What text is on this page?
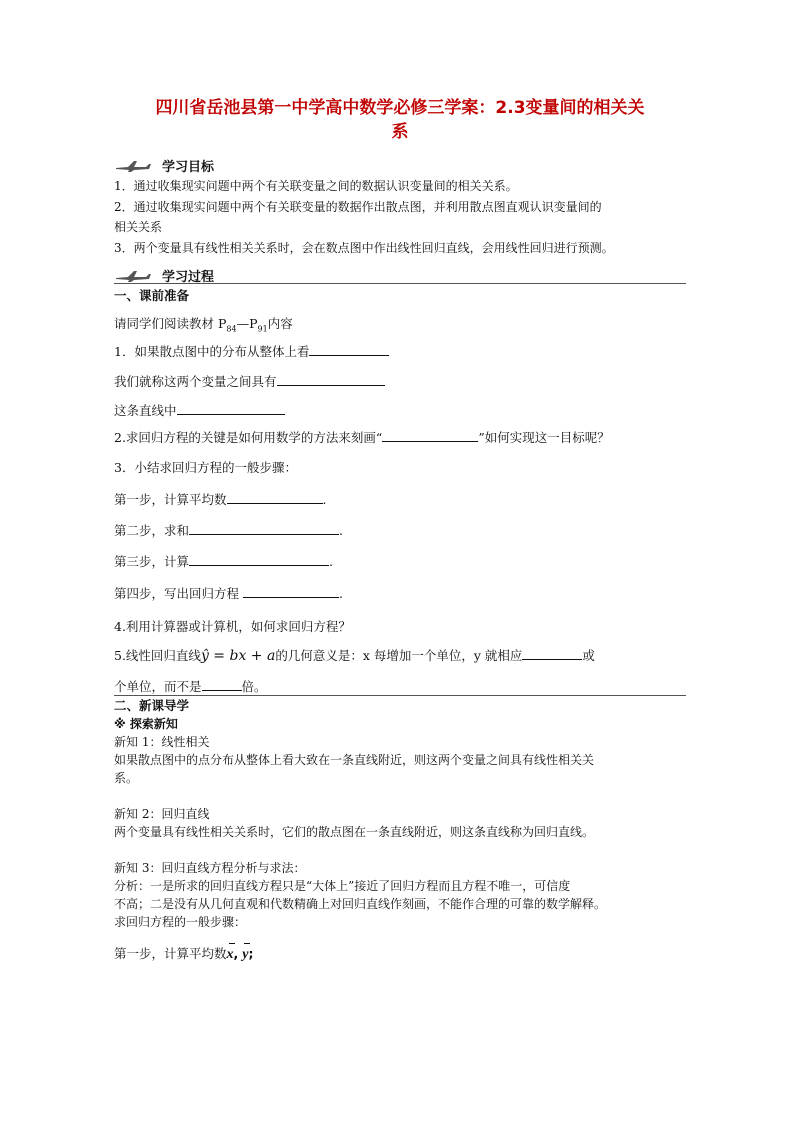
四川省岳池县第一中学高中数学必修三学案：2.3变量间的相关关
系
学习目标
1．通过收集现实问题中两个有关联变量之间的数据认识变量间的相关关系。
2．通过收集现实问题中两个有关联变量的数据作出散点图，并利用散点图直观认识变量间的
相关关系
3．两个变量具有线性相关关系时，会在数点图中作出线性回归直线，会用线性回归进行预测。
学习过程
一、课前准备
请同学们阅读教材 $P_{84}—P_{91}$内容
1．如果散点图中的分布从整体上看
我们就称这两个变量之间具有
这条直线中
2.求回归方程的关键是如何用数学的方法来刻画“	”如何实现这一目标呢？
3．小结求回归方程的一般步骤：
第一步，计算平均数	.
第二步，求和	.
第三步，计算	.
第四步，写出回归方程	.
4.利用计算器或计算机，如何求回归方程？
5.线性回归直线ŷ = bx + a的几何意义是：x 每增加一个单位，y 就相应	或
个单位，而不是	倍。
二、新课导学
※ 探索新知
新知 1：线性相关
如果散点图中的点分布从整体上看大致在一条直线附近，则这两个变量之间具有线性相关关
系。
新知 2：回归直线
两个变量具有线性相关关系时，它们的散点图在一条直线附近，则这条直线称为回归直线。
新知 3：回归直线方程分析与求法：
分析：一是所求的回归直线方程只是“大体上”接近了回归方程而且方程不唯一，可信度
不高；二是没有从几何直观和代数精确上对回归直线作刻画，不能作合理的可靠的数学解释。
求回归方程的一般步骤：
第一步，计算平均数x, y;
